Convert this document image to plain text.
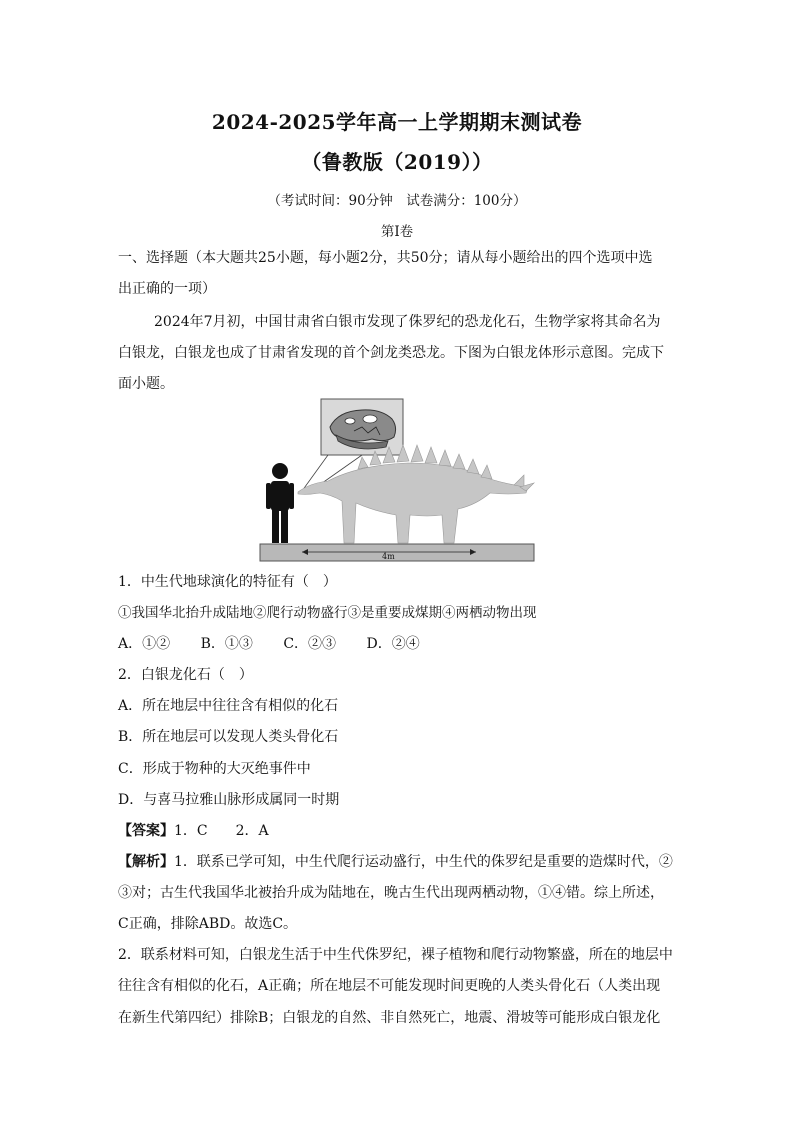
2024-2025学年高一上学期期末测试卷
（鲁教版（2019））
（考试时间：90分钟　试卷满分：100分）
第Ⅰ卷
一、选择题（本大题共25小题，每小题2分，共50分；请从每小题给出的四个选项中选
出正确的一项）
2024年7月初，中国甘肃省白银市发现了侏罗纪的恐龙化石，生物学家将其命名为
白银龙，白银龙也成了甘肃省发现的首个剑龙类恐龙。下图为白银龙体形示意图。完成下
面小题。
4m
1．中生代地球演化的特征有（　）
①我国华北抬升成陆地②爬行动物盛行③是重要成煤期④两栖动物出现
A．①② B．①③ C．②③ D．②④
2．白银龙化石（　）
A．所在地层中往往含有相似的化石
B．所在地层可以发现人类头骨化石
C．形成于物种的大灭绝事件中
D．与喜马拉雅山脉形成属同一时期
【答案】1．C　　2．A
【解析】1．联系已学可知，中生代爬行运动盛行，中生代的侏罗纪是重要的造煤时代，②
③对；古生代我国华北被抬升成为陆地在，晚古生代出现两栖动物，①④错。综上所述，
C正确，排除ABD。故选C。
2．联系材料可知，白银龙生活于中生代侏罗纪，裸子植物和爬行动物繁盛，所在的地层中
往往含有相似的化石，A正确；所在地层不可能发现时间更晚的人类头骨化石（人类出现
在新生代第四纪）排除B；白银龙的自然、非自然死亡，地震、滑坡等可能形成白银龙化
